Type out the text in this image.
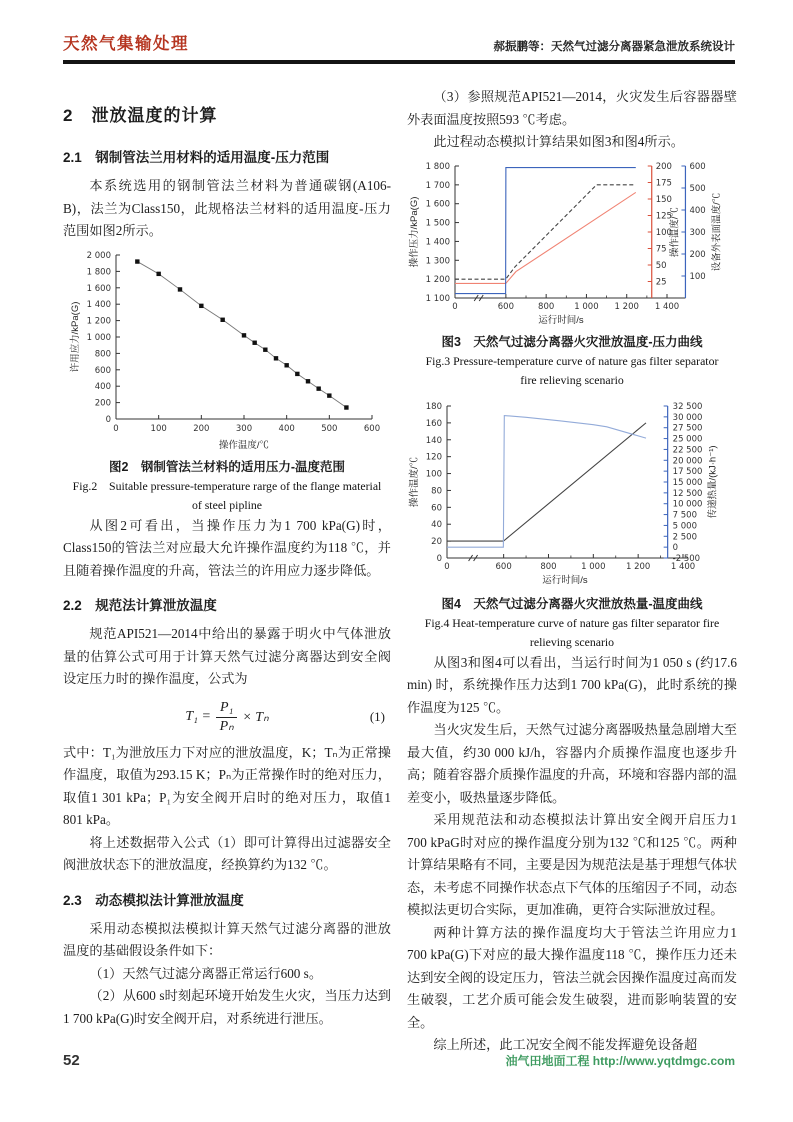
天然气集输处理	郝振鹏等：天然气过滤分离器紧急泄放系统设计
2　泄放温度的计算
2.1　钢制管法兰用材料的适用温度-压力范围

本系统选用的钢制管法兰材料为普通碳钢(A106-B)，法兰为Class150，此规格法兰材料的适用温度-压力范围如图2所示。

0	100	200	300	400	500	600
0
200
400
600
800
1 000
1 200
1 400
1 600
1 800
2 000
操作温度/℃
许用应力/kPa(G)
图2　钢制管法兰材料的适用压力-温度范围
Fig.2　Suitable pressure-temperature rarge of the flange material
of steel pipline

从图2可看出，当操作压力为1 700 kPa(G)时，Class150的管法兰对应最大允许操作温度约为118 ℃，并且随着操作温度的升高，管法兰的许用应力逐步降低。

2.2　规范法计算泄放温度

规范API521—2014中给出的暴露于明火中气体泄放量的估算公式可用于计算天然气过滤分离器达到安全阀设定压力时的操作温度，公式为

$T_1 = \frac{\text{P₁}}{\text{Pₙ}} \times T_n$	(1)

式中：T₁为泄放压力下对应的泄放温度，K；Tₙ为正常操作温度，取值为293.15 K；Pₙ为正常操作时的绝对压力，取值1 301 kPa；P₁为安全阀开启时的绝对压力，取值1 801 kPa。

将上述数据带入公式（1）即可计算得出过滤器安全阀泄放状态下的泄放温度，经换算约为132 ℃。

2.3　动态模拟法计算泄放温度

采用动态模拟法模拟计算天然气过滤分离器的泄放温度的基础假设条件如下：

（1）天然气过滤分离器正常运行600 s。

（2）从600 s时刻起环境开始发生火灾，当压力达到1 700 kPa(G)时安全阀开启，对系统进行泄压。

（3）参照规范API521—2014，火灾发生后容器器壁外表面温度按照593 ℃考虑。

此过程动态模拟计算结果如图3和图4所示。

0	600	800 1 000 1 200 1 400
1 100
1 200
1 300
1 400
1 500
1 600
1 700
1 800
25
50
75
100
125
150
175
200
100
200
300
400
500
600
运行时间/s
操作压力/kPa(G)	操作温度/℃	设备外表面温度/℃
图3　天然气过滤分离器火灾泄放温度-压力曲线
Fig.3 Pressure-temperature curve of nature gas filter separator
fire relieving scenario
0	600	800	1 000 1 200 1 400
0
20
40
60
80
100
120
140
160
180
-2 500
0
2 500
5 000
7 500
10 000
12 500
15 000
17 500
20 000
22 500
25 000
27 500
30 000
32 500
运行时间/s
操作温度/℃	传递热量/(kJ·h⁻¹)
图4　天然气过滤分离器火灾泄放热量-温度曲线
Fig.4 Heat-temperature curve of nature gas filter separator fire
relieving scenario

从图3和图4可以看出，当运行时间为1 050 s (约17.6 min) 时，系统操作压力达到1 700 kPa(G)，此时系统的操作温度为125 ℃。

当火灾发生后，天然气过滤分离器吸热量急剧增大至最大值，约30 000 kJ/h，容器内介质操作温度也逐步升高；随着容器介质操作温度的升高，环境和容器内部的温差变小，吸热量逐步降低。

采用规范法和动态模拟法计算出安全阀开启压力1 700 kPaG时对应的操作温度分别为132 ℃和125 ℃。两种计算结果略有不同，主要是因为规范法是基于理想气体状态，未考虑不同操作状态点下气体的压缩因子不同，动态模拟法更切合实际，更加准确，更符合实际泄放过程。

两种计算方法的操作温度均大于管法兰许用应力1 700 kPa(G)下对应的最大操作温度118 ℃，操作压力还未达到安全阀的设定压力，管法兰就会因操作温度过高而发生破裂，工艺介质可能会发生破裂，进而影响装置的安全。

综上所述，此工况安全阀不能发挥避免设备超

52	油气田地面工程 http://www.yqtdmgc.com
